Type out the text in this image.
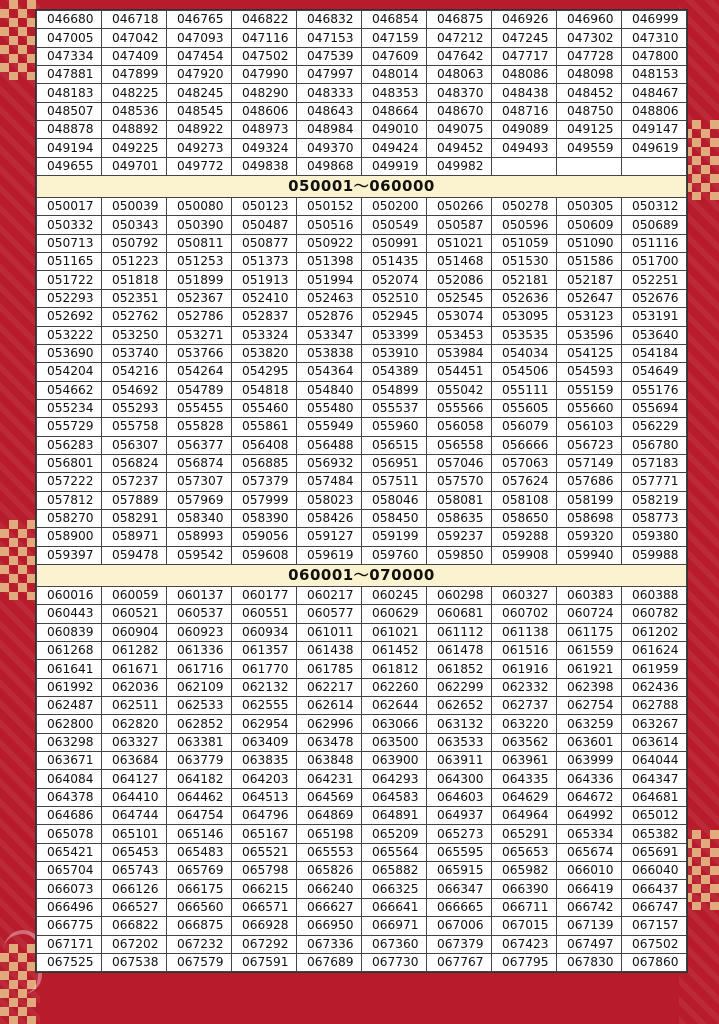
046680	046718	046765	046822	046832	046854	046875	046926	046960	046999
047005	047042	047093	047116	047153	047159	047212	047245	047302	047310
047334	047409	047454	047502	047539	047609	047642	047717	047728	047800
047881	047899	047920	047990	047997	048014	048063	048086	048098	048153
048183	048225	048245	048290	048333	048353	048370	048438	048452	048467
048507	048536	048545	048606	048643	048664	048670	048716	048750	048806
048878	048892	048922	048973	048984	049010	049075	049089	049125	049147
049194	049225	049273	049324	049370	049424	049452	049493	049559	049619
049655	049701	049772	049838	049868	049919	049982			
050001～060000									
050017	050039	050080	050123	050152	050200	050266	050278	050305	050312
050332	050343	050390	050487	050516	050549	050587	050596	050609	050689
050713	050792	050811	050877	050922	050991	051021	051059	051090	051116
051165	051223	051253	051373	051398	051435	051468	051530	051586	051700
051722	051818	051899	051913	051994	052074	052086	052181	052187	052251
052293	052351	052367	052410	052463	052510	052545	052636	052647	052676
052692	052762	052786	052837	052876	052945	053074	053095	053123	053191
053222	053250	053271	053324	053347	053399	053453	053535	053596	053640
053690	053740	053766	053820	053838	053910	053984	054034	054125	054184
054204	054216	054264	054295	054364	054389	054451	054506	054593	054649
054662	054692	054789	054818	054840	054899	055042	055111	055159	055176
055234	055293	055455	055460	055480	055537	055566	055605	055660	055694
055729	055758	055828	055861	055949	055960	056058	056079	056103	056229
056283	056307	056377	056408	056488	056515	056558	056666	056723	056780
056801	056824	056874	056885	056932	056951	057046	057063	057149	057183
057222	057237	057307	057379	057484	057511	057570	057624	057686	057771
057812	057889	057969	057999	058023	058046	058081	058108	058199	058219
058270	058291	058340	058390	058426	058450	058635	058650	058698	058773
058900	058971	058993	059056	059127	059199	059237	059288	059320	059380
059397	059478	059542	059608	059619	059760	059850	059908	059940	059988
060001～070000									
060016	060059	060137	060177	060217	060245	060298	060327	060383	060388
060443	060521	060537	060551	060577	060629	060681	060702	060724	060782
060839	060904	060923	060934	061011	061021	061112	061138	061175	061202
061268	061282	061336	061357	061438	061452	061478	061516	061559	061624
061641	061671	061716	061770	061785	061812	061852	061916	061921	061959
061992	062036	062109	062132	062217	062260	062299	062332	062398	062436
062487	062511	062533	062555	062614	062644	062652	062737	062754	062788
062800	062820	062852	062954	062996	063066	063132	063220	063259	063267
063298	063327	063381	063409	063478	063500	063533	063562	063601	063614
063671	063684	063779	063835	063848	063900	063911	063961	063999	064044
064084	064127	064182	064203	064231	064293	064300	064335	064336	064347
064378	064410	064462	064513	064569	064583	064603	064629	064672	064681
064686	064744	064754	064796	064869	064891	064937	064964	064992	065012
065078	065101	065146	065167	065198	065209	065273	065291	065334	065382
065421	065453	065483	065521	065553	065564	065595	065653	065674	065691
065704	065743	065769	065798	065826	065882	065915	065982	066010	066040
066073	066126	066175	066215	066240	066325	066347	066390	066419	066437
066496	066527	066560	066571	066627	066641	066665	066711	066742	066747
066775	066822	066875	066928	066950	066971	067006	067015	067139	067157
067171	067202	067232	067292	067336	067360	067379	067423	067497	067502
067525	067538	067579	067591	067689	067730	067767	067795	067830	067860
